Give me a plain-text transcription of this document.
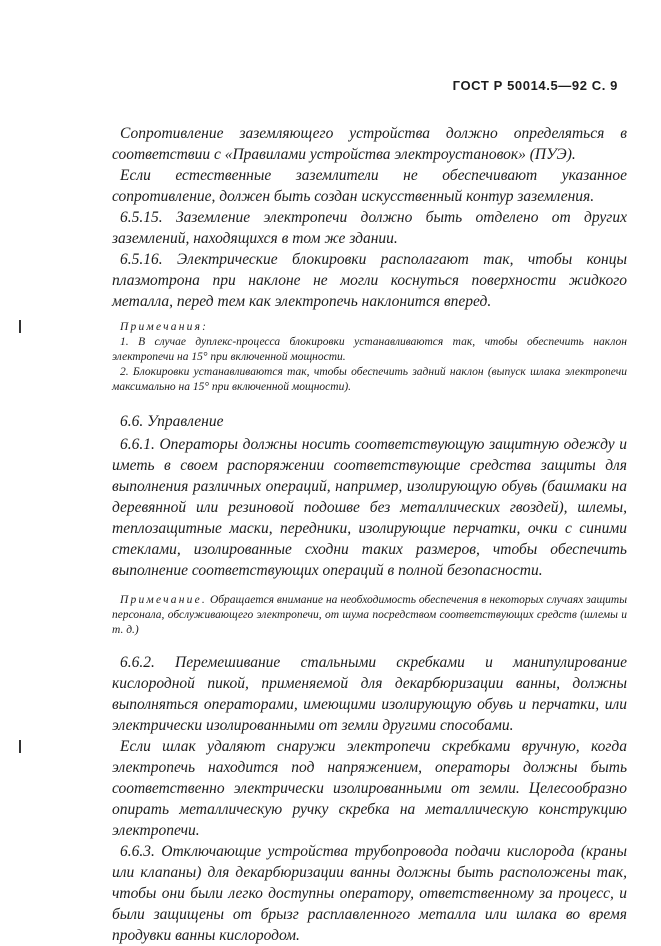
ГОСТ Р 50014.5—92 С. 9

Сопротивление заземляющего устройства должно определяться в соответствии с «Правилами устройства электроустановок» (ПУЭ).

Если естественные заземлители не обеспечивают указанное сопротивление, должен быть создан искусственный контур заземления.

6.5.15. Заземление электропечи должно быть отделено от других заземлений, находящихся в том же здании.

6.5.16. Электрические блокировки располагают так, чтобы концы плазмотрона при наклоне не могли коснуться поверхности жидкого металла, перед тем как электропечь наклонится вперед.

Примечания:

1. В случае дуплекс-процесса блокировки устанавливаются так, чтобы обеспечить наклон электропечи на 15° при включенной мощности.

2. Блокировки устанавливаются так, чтобы обеспечить задний наклон (выпуск шлака электропечи максимально на 15° при включенной мощности).

6.6. Управление

6.6.1. Операторы должны носить соответствующую защитную одежду и иметь в своем распоряжении соответствующие средства защиты для выполнения различных операций, например, изолирующую обувь (башмаки на деревянной или резиновой подошве без металлических гвоздей), шлемы, теплозащитные маски, передники, изолирующие перчатки, очки с синими стеклами, изолированные сходни таких размеров, чтобы обеспечить выполнение соответствующих операций в полной безопасности.

Примечание. Обращается внимание на необходимость обеспечения в некоторых случаях защиты персонала, обслуживающего электропечи, от шума посредством соответствующих средств (шлемы и т. д.)

6.6.2. Перемешивание стальными скребками и манипулирование кислородной пикой, применяемой для декарбюризации ванны, должны выполняться операторами, имеющими изолирующую обувь и перчатки, или электрически изолированными от земли другими способами.

Если шлак удаляют снаружи электропечи скребками вручную, когда электропечь находится под напряжением, операторы должны быть соответственно электрически изолированными от земли. Целесообразно опирать металлическую ручку скребка на металлическую конструкцию электропечи.

6.6.3. Отключающие устройства трубопровода подачи кислорода (краны или клапаны) для декарбюризации ванны должны быть расположены так, чтобы они были легко доступны оператору, ответственному за процесс, и были защищены от брызг расплавленного металла или шлака во время продувки ванны кислородом.
